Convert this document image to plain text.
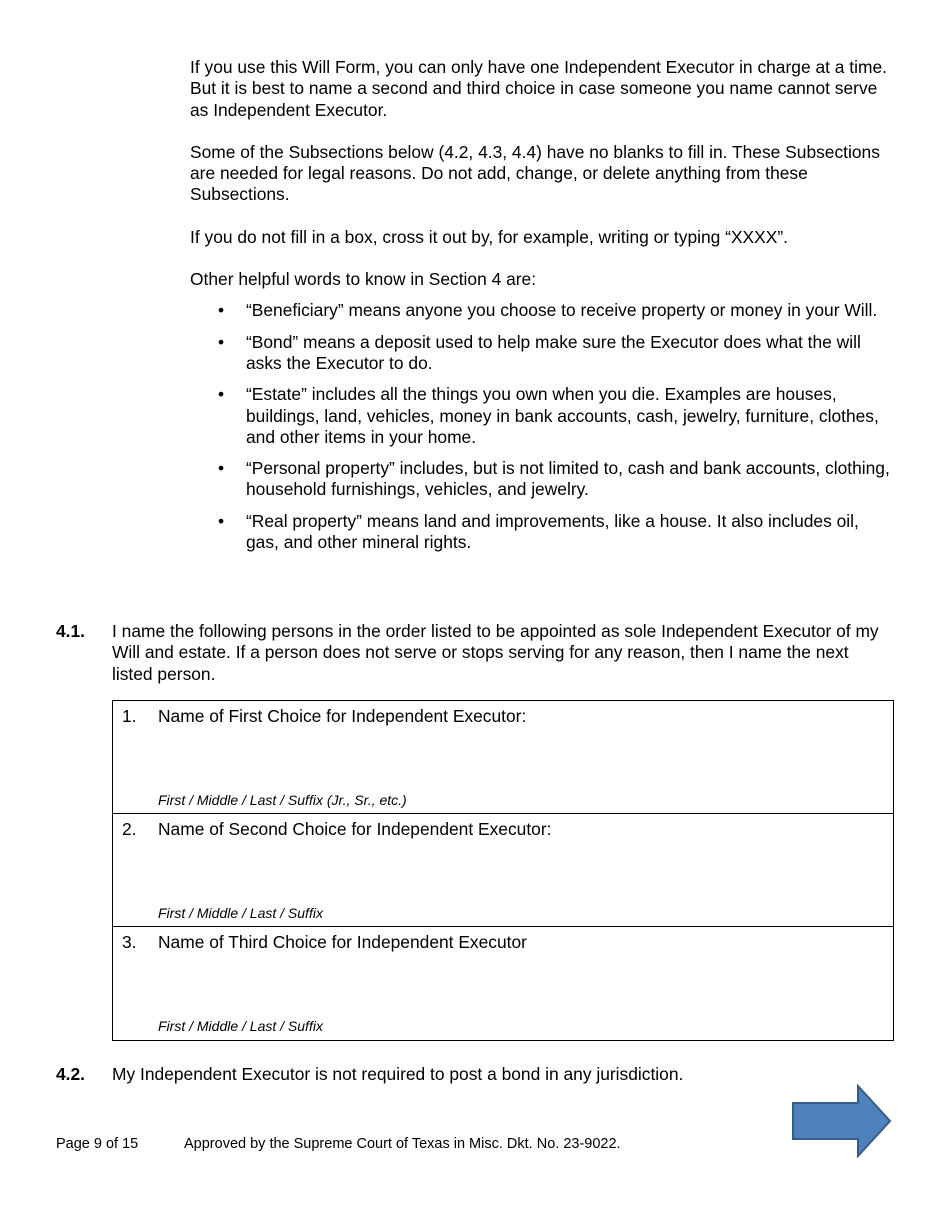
If you use this Will Form, you can only have one Independent Executor in charge at a time. But it is best to name a second and third choice in case someone you name cannot serve as Independent Executor.

Some of the Subsections below (4.2, 4.3, 4.4) have no blanks to fill in. These Subsections are needed for legal reasons. Do not add, change, or delete anything from these Subsections.

If you do not fill in a box, cross it out by, for example, writing or typing “XXXX”.

Other helpful words to know in Section 4 are:

• “Beneficiary” means anyone you choose to receive property or money in your Will.
• “Bond” means a deposit used to help make sure the Executor does what the will asks the Executor to do.
• “Estate” includes all the things you own when you die. Examples are houses, buildings, land, vehicles, money in bank accounts, cash, jewelry, furniture, clothes, and other items in your home.
• “Personal property” includes, but is not limited to, cash and bank accounts, clothing, household furnishings, vehicles, and jewelry.
• “Real property” means land and improvements, like a house. It also includes oil, gas, and other mineral rights.
4.1. I name the following persons in the order listed to be appointed as sole Independent Executor of my Will and estate. If a person does not serve or stops serving for any reason, then I name the next listed person.
1. Name of First Choice for Independent Executor:
First / Middle / Last / Suffix (Jr., Sr., etc.)
2. Name of Second Choice for Independent Executor:
First / Middle / Last / Suffix
3. Name of Third Choice for Independent Executor
First / Middle / Last / Suffix
4.2. My Independent Executor is not required to post a bond in any jurisdiction.
Page 9 of 15	Approved by the Supreme Court of Texas in Misc. Dkt. No. 23-9022.
